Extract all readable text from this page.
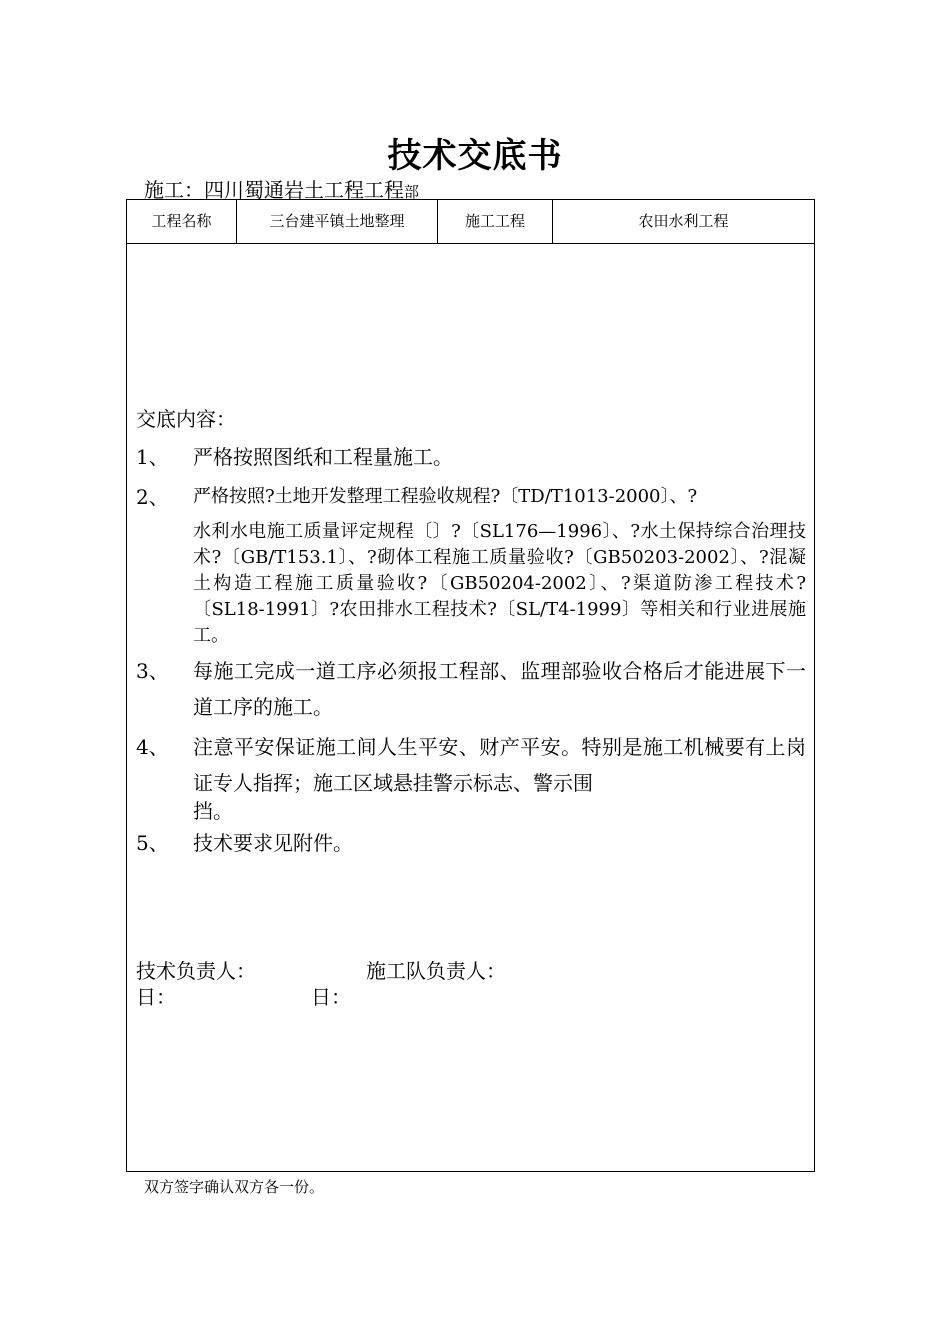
技术交底书
施工：四川蜀通岩土工程工程部
工程名称	三台建平镇土地整理	施工工程	农田水利工程
交底内容：
1、	严格按照图纸和工程量施工。
2、	严格按照?土地开发整理工程验收规程?〔TD/T1013-2000〕、?
水利水电施工质量评定规程〔〕?〔SL176—1996〕、?水土保持综合治理技术?〔GB/T153.1〕、?砌体工程施工质量验收?〔GB50203-2002〕、?混凝土构造工程施工质量验收?〔GB50204-2002〕、?渠道防渗工程技术?〔SL18-1991〕?农田排水工程技术?〔SL/T4-1999〕等相关和行业进展施工。
3、	每施工完成一道工序必须报工程部、监理部验收合格后才能进展下一道工序的施工。
4、	注意平安保证施工间人生平安、财产平安。特别是施工机械要有上岗证专人指挥；施工区域悬挂警示标志、警示围
挡。
5、	技术要求见附件。
技术负责人：	施工队负责人：
日：	日：
双方签字确认双方各一份。
